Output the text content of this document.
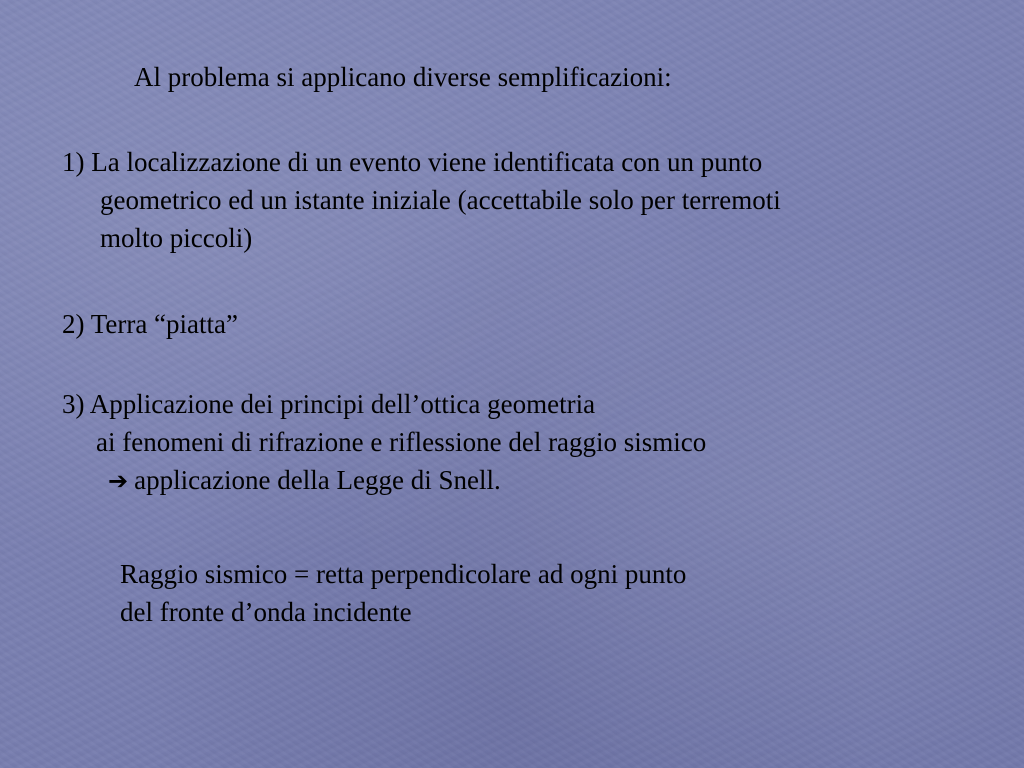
Al problema si applicano diverse semplificazioni:
1) La localizzazione di un evento viene identificata con un punto
geometrico ed un istante iniziale (accettabile solo per terremoti
molto piccoli)
2) Terra “piatta”
3) Applicazione dei principi dell’ottica geometria
ai fenomeni di rifrazione e riflessione del raggio sismico
➔ applicazione della Legge di Snell.
Raggio sismico = retta perpendicolare ad ogni punto
del fronte d’onda incidente
